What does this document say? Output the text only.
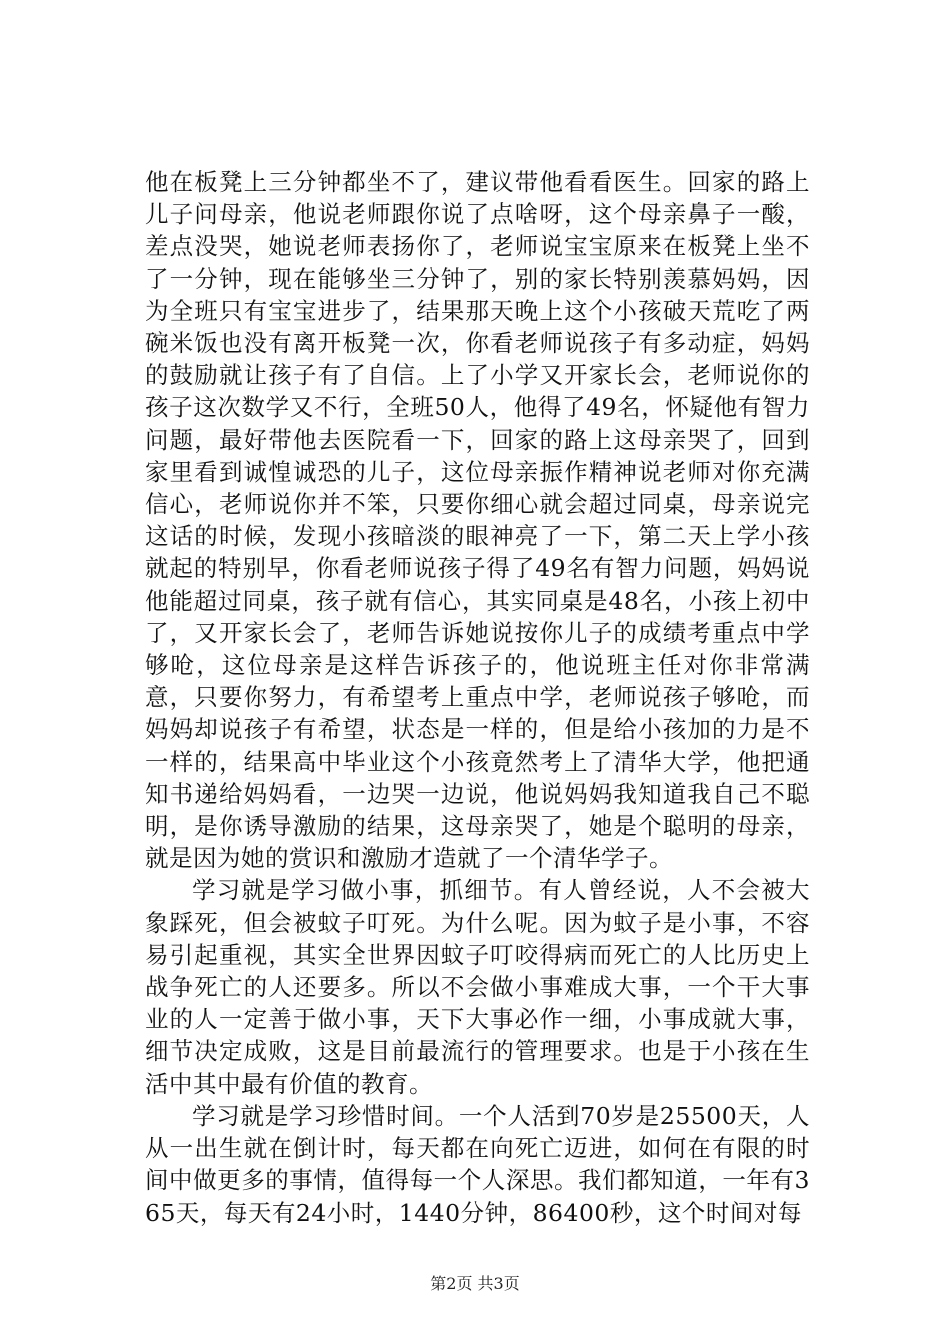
他在板凳上三分钟都坐不了，建议带他看看医生。回家的路上儿子问母亲，他说老师跟你说了点啥呀，这个母亲鼻子一酸，差点没哭，她说老师表扬你了，老师说宝宝原来在板凳上坐不了一分钟，现在能够坐三分钟了，别的家长特别羡慕妈妈，因为全班只有宝宝进步了，结果那天晚上这个小孩破天荒吃了两碗米饭也没有离开板凳一次，你看老师说孩子有多动症，妈妈的鼓励就让孩子有了自信。上了小学又开家长会，老师说你的孩子这次数学又不行，全班50人，他得了49名，怀疑他有智力问题，最好带他去医院看一下，回家的路上这母亲哭了，回到家里看到诚惶诚恐的儿子，这位母亲振作精神说老师对你充满信心，老师说你并不笨，只要你细心就会超过同桌，母亲说完这话的时候，发现小孩暗淡的眼神亮了一下，第二天上学小孩就起的特别早，你看老师说孩子得了49名有智力问题，妈妈说他能超过同桌，孩子就有信心，其实同桌是48名，小孩上初中了，又开家长会了，老师告诉她说按你儿子的成绩考重点中学够呛，这位母亲是这样告诉孩子的，他说班主任对你非常满意，只要你努力，有希望考上重点中学，老师说孩子够呛，而妈妈却说孩子有希望，状态是一样的，但是给小孩加的力是不一样的，结果高中毕业这个小孩竟然考上了清华大学，他把通知书递给妈妈看，一边哭一边说，他说妈妈我知道我自己不聪明，是你诱导激励的结果，这母亲哭了，她是个聪明的母亲，就是因为她的赏识和激励才造就了一个清华学子。

学习就是学习做小事，抓细节。有人曾经说，人不会被大象踩死，但会被蚊子叮死。为什么呢。因为蚊子是小事，不容易引起重视，其实全世界因蚊子叮咬得病而死亡的人比历史上战争死亡的人还要多。所以不会做小事难成大事，一个干大事业的人一定善于做小事，天下大事必作一细，小事成就大事，细节决定成败，这是目前最流行的管理要求。也是于小孩在生活中其中最有价值的教育。

学习就是学习珍惜时间。一个人活到70岁是25500天，人从一出生就在倒计时，每天都在向死亡迈进，如何在有限的时间中做更多的事情，值得每一个人深思。我们都知道，一年有365天，每天有24小时，1440分钟，86400秒，这个时间对每

第2页 共3页
